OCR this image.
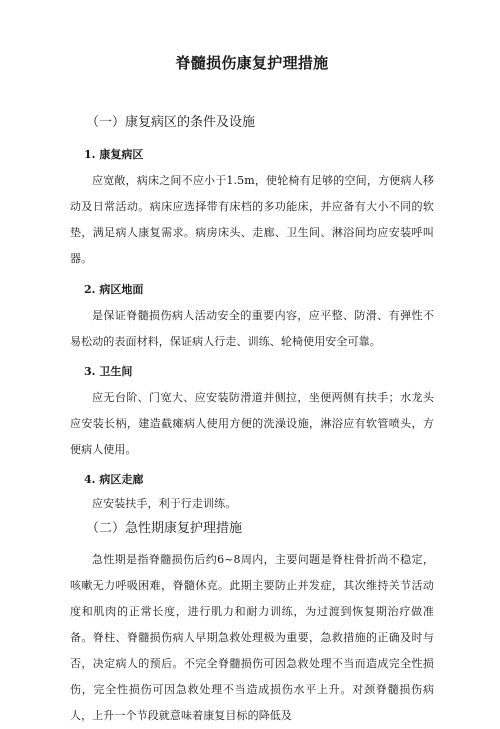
脊髓损伤康复护理措施
（一）康复病区的条件及设施
1. 康复病区

应宽敞，病床之间不应小于1.5m，使轮椅有足够的空间，方便病人移动及日常活动。病床应选择带有床档的多功能床，并应备有大小不同的软垫，满足病人康复需求。病房床头、走廊、卫生间、淋浴间均应安装呼叫器。

2. 病区地面

是保证脊髓损伤病人活动安全的重要内容，应平整、防滑、有弹性不易松动的表面材料，保证病人行走、训练、轮椅使用安全可靠。

3. 卫生间

应无台阶、门宽大、应安装防滑道并侧拉，坐便两侧有扶手；水龙头应安装长柄，建造截瘫病人使用方便的洗澡设施，淋浴应有软管喷头，方便病人使用。

4. 病区走廊

应安装扶手，利于行走训练。

（二）急性期康复护理措施

急性期是指脊髓损伤后约6~8周内，主要问题是脊柱骨折尚不稳定，咳嗽无力呼吸困难，脊髓休克。此期主要防止并发症，其次维持关节活动度和肌肉的正常长度，进行肌力和耐力训练，为过渡到恢复期治疗做准备。脊柱、脊髓损伤病人早期急救处理极为重要，急救措施的正确及时与否，决定病人的预后。不完全脊髓损伤可因急救处理不当而造成完全性损伤，完全性损伤可因急救处理不当造成损伤水平上升。对颈脊髓损伤病人，上升一个节段就意味着康复目标的降低及
